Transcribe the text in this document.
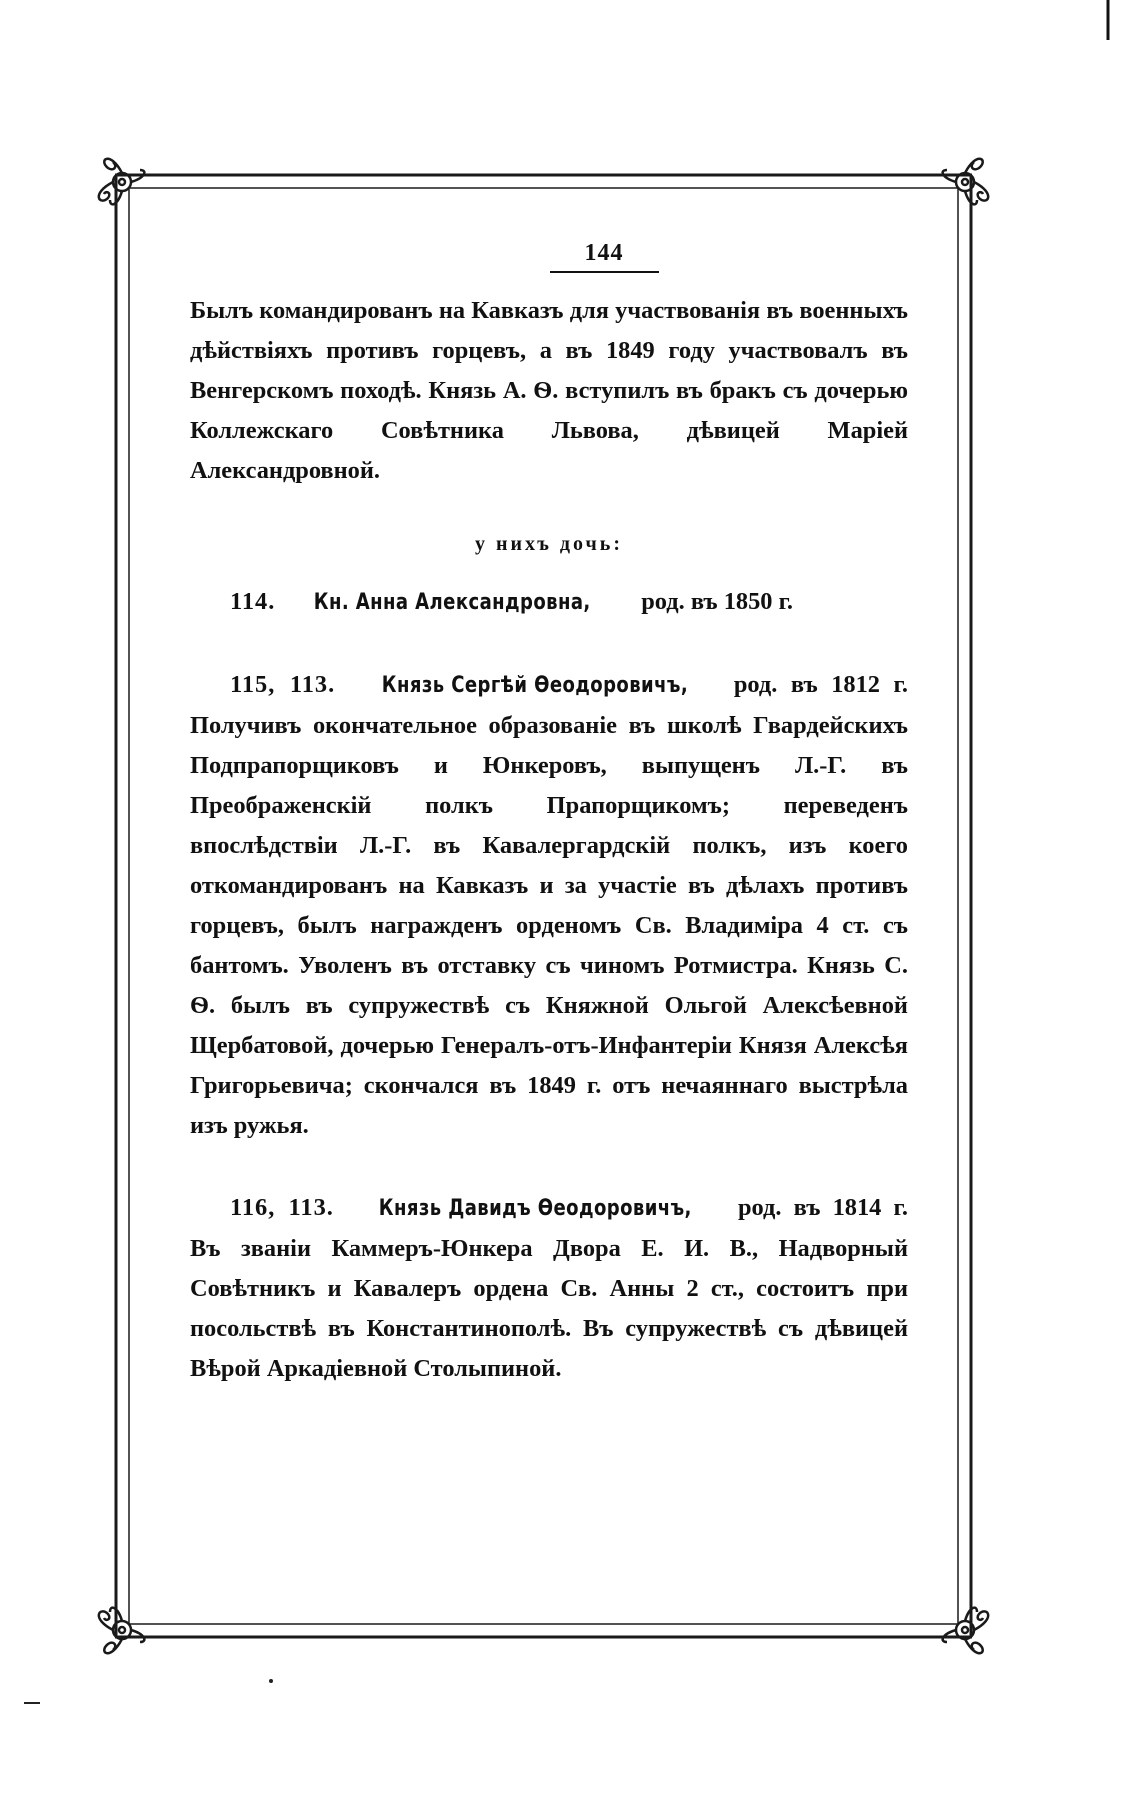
144

Былъ командированъ на Кавказъ для участвованія въ военныхъ дѣйствіяхъ противъ горцевъ, а въ 1849 году участвовалъ въ Венгерскомъ походѣ. Князь А. Ѳ. вступилъ въ бракъ съ дочерью Коллежскаго Совѣтника Львова, дѣвицей Маріей Александровной.

у нихъ дочь:

114. Кн. Анна Александровна, род. въ 1850 г.

115, 113. Князь Сергѣй Ѳеодоровичъ, род. въ 1812 г. Получивъ окончательное образованіе въ школѣ Гвардейскихъ Подпрапорщиковъ и Юнкеровъ, выпущенъ Л.-Г. въ Преображенскій полкъ Прапорщикомъ; переведенъ впослѣдствіи Л.-Г. въ Кавалергардскій полкъ, изъ коего откомандированъ на Кавказъ и за участіе въ дѣлахъ противъ горцевъ, былъ награжденъ орденомъ Св. Владиміра 4 ст. съ бантомъ. Уволенъ въ отставку съ чиномъ Ротмистра. Князь С. Ѳ. былъ въ супружествѣ съ Княжной Ольгой Алексѣевной Щербатовой, дочерью Генералъ-отъ-Инфантеріи Князя Алексѣя Григорьевича; скончался въ 1849 г. отъ нечаяннаго выстрѣла изъ ружья.

116, 113. Князь Давидъ Ѳеодоровичъ, род. въ 1814 г. Въ званіи Каммеръ-Юнкера Двора Е. И. В., Надворный Совѣтникъ и Кавалеръ ордена Св. Анны 2 ст., состоитъ при посольствѣ въ Константинополѣ. Въ супружествѣ съ дѣвицей Вѣрой Аркадіевной Столыпиной.
